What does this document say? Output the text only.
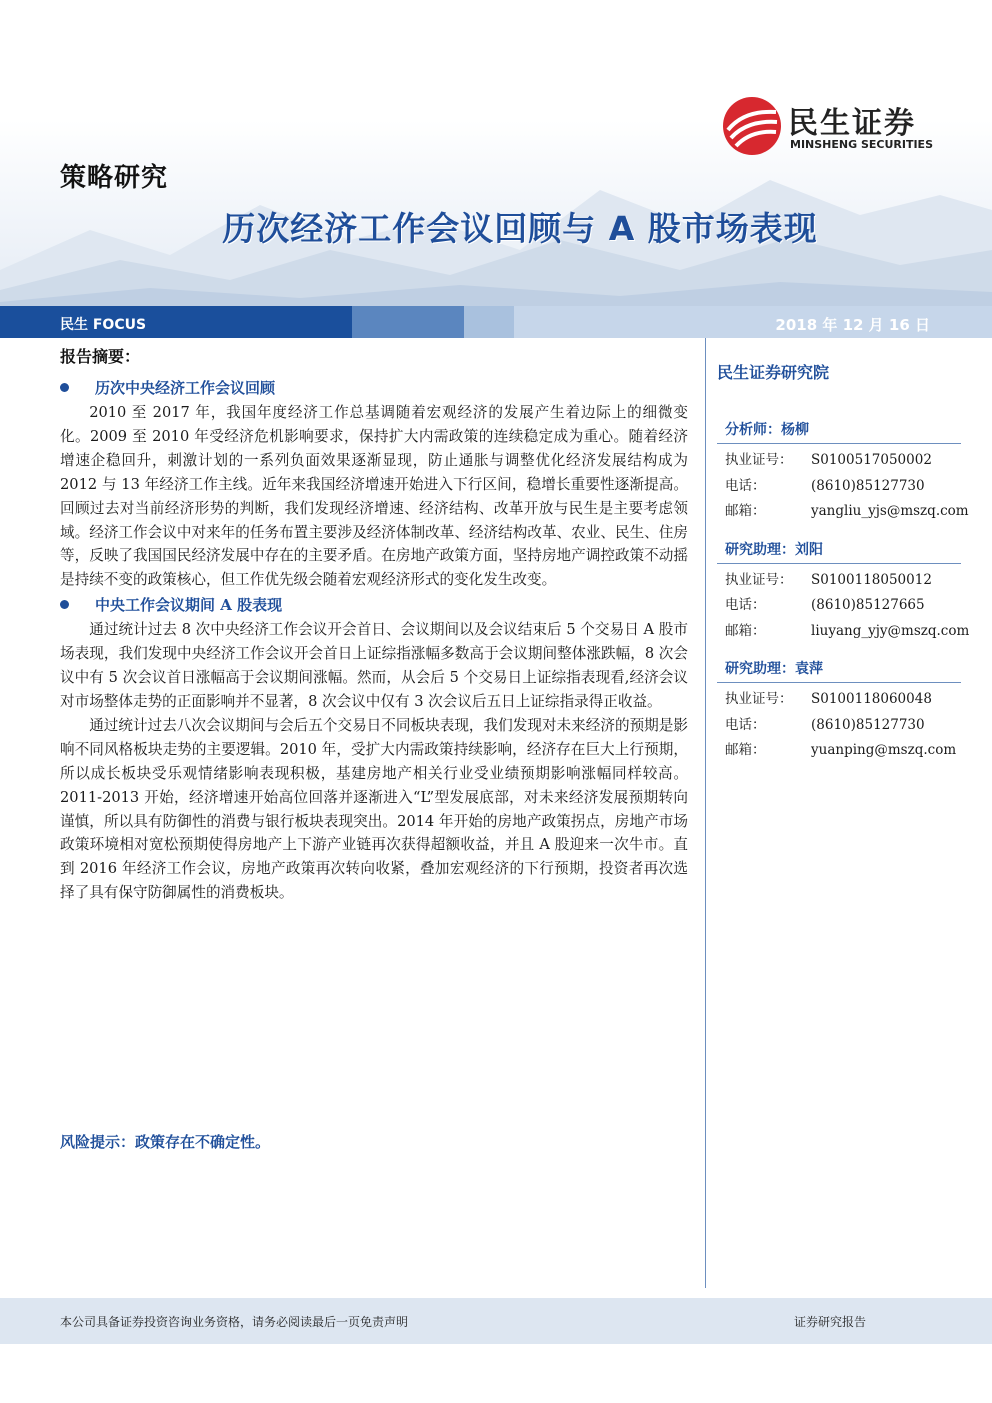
民生证券
MINSHENG SECURITIES
策略研究
历次经济工作会议回顾与 A 股市场表现
民生 FOCUS	2018 年 12 月 16 日
报告摘要：
历次中央经济工作会议回顾

2010 至 2017 年，我国年度经济工作总基调随着宏观经济的发展产生着边际上的细微变化。2009 至 2010 年受经济危机影响要求，保持扩大内需政策的连续稳定成为重心。随着经济增速企稳回升，刺激计划的一系列负面效果逐渐显现，防止通胀与调整优化经济发展结构成为 2012 与 13 年经济工作主线。近年来我国经济增速开始进入下行区间，稳增长重要性逐渐提高。回顾过去对当前经济形势的判断，我们发现经济增速、经济结构、改革开放与民生是主要考虑领域。经济工作会议中对来年的任务布置主要涉及经济体制改革、经济结构改革、农业、民生、住房等，反映了我国国民经济发展中存在的主要矛盾。在房地产政策方面，坚持房地产调控政策不动摇是持续不变的政策核心，但工作优先级会随着宏观经济形式的变化发生改变。

中央工作会议期间 A 股表现

通过统计过去 8 次中央经济工作会议开会首日、会议期间以及会议结束后 5 个交易日 A 股市场表现，我们发现中央经济工作会议开会首日上证综指涨幅多数高于会议期间整体涨跌幅，8 次会议中有 5 次会议首日涨幅高于会议期间涨幅。然而，从会后 5 个交易日上证综指表现看,经济会议对市场整体走势的正面影响并不显著，8 次会议中仅有 3 次会议后五日上证综指录得正收益。

通过统计过去八次会议期间与会后五个交易日不同板块表现，我们发现对未来经济的预期是影响不同风格板块走势的主要逻辑。2010 年，受扩大内需政策持续影响，经济存在巨大上行预期，所以成长板块受乐观情绪影响表现积极，基建房地产相关行业受业绩预期影响涨幅同样较高。2011-2013 开始，经济增速开始高位回落并逐渐进入“L”型发展底部，对未来经济发展预期转向谨慎，所以具有防御性的消费与银行板块表现突出。2014 年开始的房地产政策拐点，房地产市场政策环境相对宽松预期使得房地产上下游产业链再次获得超额收益，并且 A 股迎来一次牛市。直到 2016 年经济工作会议，房地产政策再次转向收紧，叠加宏观经济的下行预期，投资者再次选择了具有保守防御属性的消费板块。

风险提示：政策存在不确定性。
民生证券研究院
分析师：杨柳
执业证号： S0100517050002
电话：	(8610)85127730
邮箱：	yangliu_yjs@mszq.com
研究助理：刘阳
执业证号： S0100118050012
电话：	(8610)85127665
邮箱：	liuyang_yjy@mszq.com
研究助理：袁萍
执业证号： S0100118060048
电话：	(8610)85127730
邮箱：	yuanping@mszq.com
本公司具备证券投资咨询业务资格，请务必阅读最后一页免责声明	证券研究报告
